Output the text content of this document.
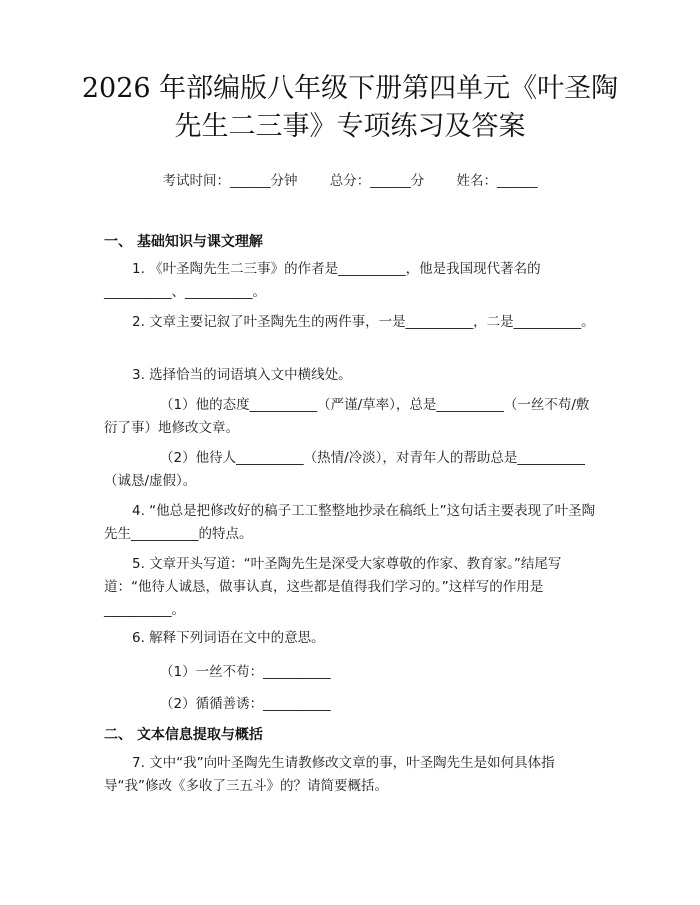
2026 年部编版八年级下册第四单元《叶圣陶
先生二三事》专项练习及答案
考试时间：______分钟 总分：______分 姓名：______
一、 基础知识与课文理解

1. 《叶圣陶先生二三事》的作者是__________，他是我国现代著名的__________、__________。

2. 文章主要记叙了叶圣陶先生的两件事，一是__________，二是__________。

3. 选择恰当的词语填入文中横线处。

（1）他的态度__________（严谨/草率），总是__________（一丝不苟/敷衍了事）地修改文章。

（2）他待人__________（热情/冷淡），对青年人的帮助总是__________（诚恳/虚假）。

4. “他总是把修改好的稿子工工整整地抄录在稿纸上”这句话主要表现了叶圣陶先生__________的特点。

5. 文章开头写道：“叶圣陶先生是深受大家尊敬的作家、教育家。”结尾写道：“他待人诚恳，做事认真，这些都是值得我们学习的。”这样写的作用是__________。

6. 解释下列词语在文中的意思。

（1）一丝不苟：__________
（2）循循善诱：__________
二、 文本信息提取与概括

7. 文中“我”向叶圣陶先生请教修改文章的事，叶圣陶先生是如何具体指导“我”修改《多收了三五斗》的？请简要概括。
